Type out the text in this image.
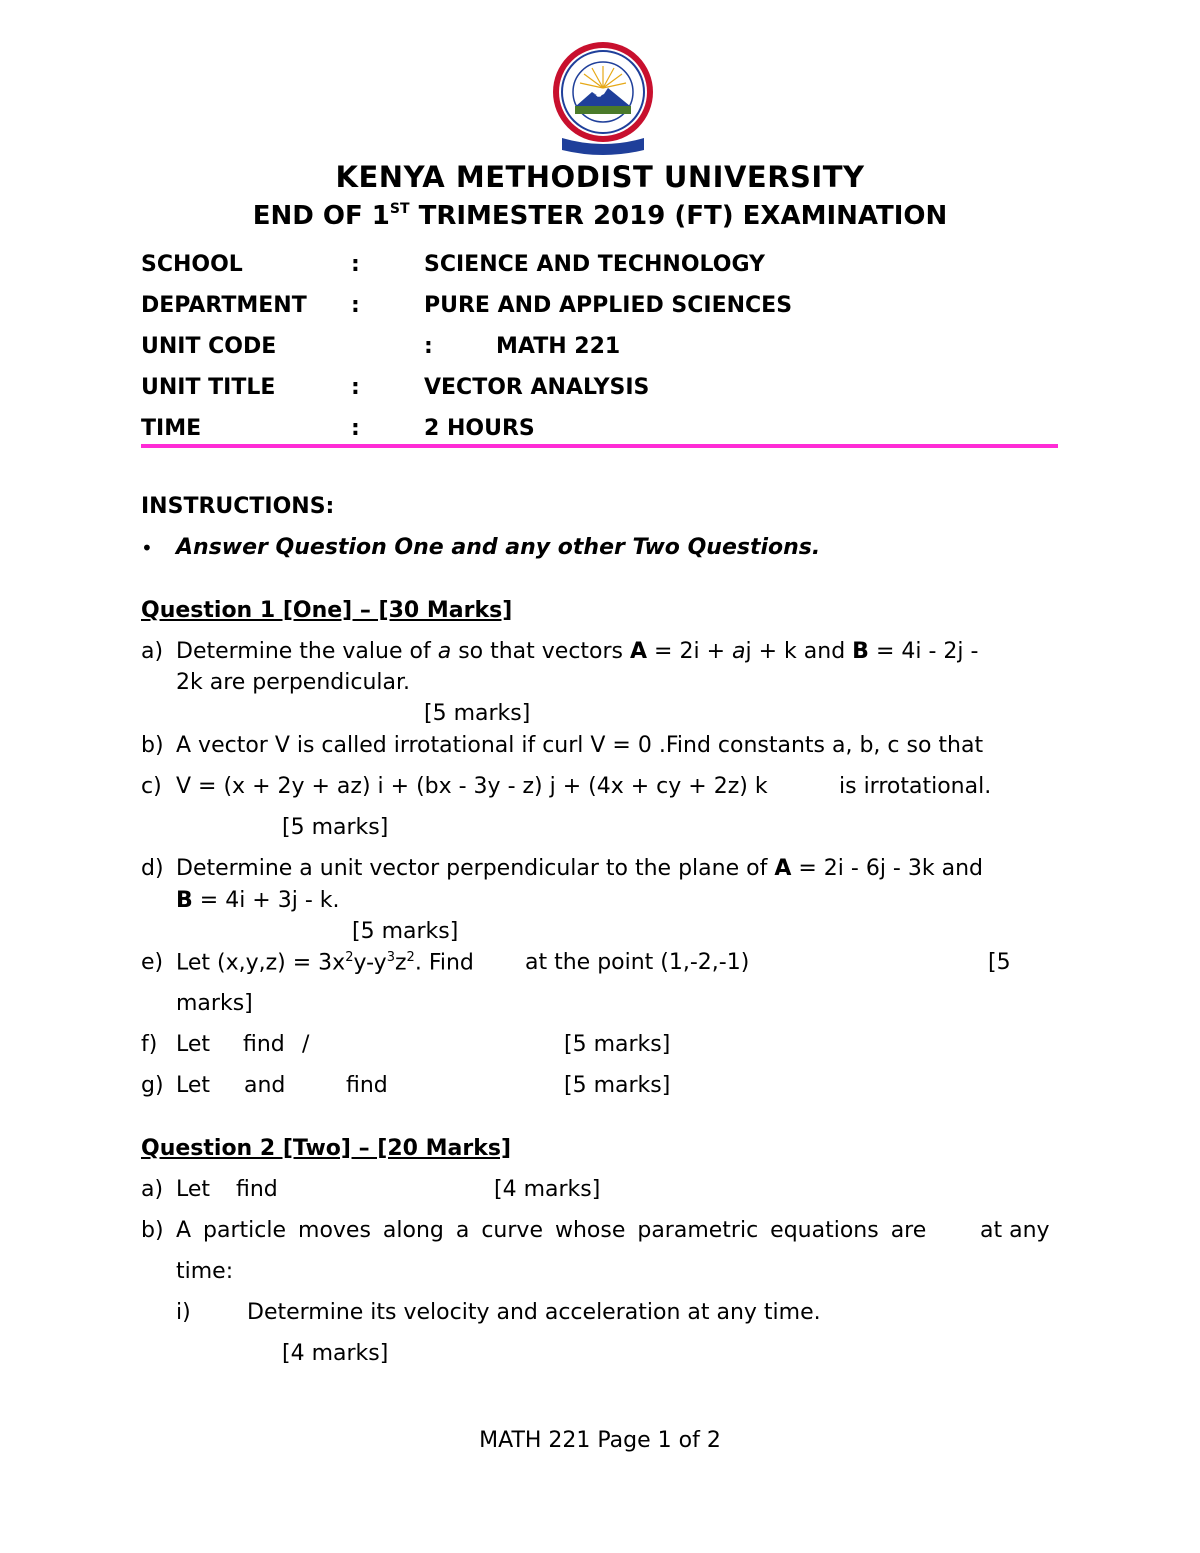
KENYA METHODIST UNIVERSITY
END OF 1ST TRIMESTER 2019 (FT) EXAMINATION
SCHOOL	:	SCIENCE AND TECHNOLOGY
DEPARTMENT :	PURE AND APPLIED SCIENCES
UNIT CODE	:	MATH 221
UNIT TITLE	:	VECTOR ANALYSIS
TIME	:	2 HOURS
INSTRUCTIONS:
• Answer Question One and any other Two Questions.
Question 1 [One] – [30 Marks]
a) Determine the value of a so that vectors A = 2i + aj + k and B = 4i - 2j -
2k are perpendicular.
[5 marks]
b) A vector V is called irrotational if curl V = 0 .Find constants a, b, c so that
c) V = (x + 2y + az) i + (bx - 3y - z) j + (4x + cy + 2z) k	is irrotational.
[5 marks]
d) Determine a unit vector perpendicular to the plane of A = 2i - 6j - 3k and
B = 4i + 3j - k.
[5 marks]
e) Let $(x,y,z) = 3x^2y-y^3z^2$. Find at the point (1,-2,-1)	[5
marks]
f) Let find /	[5 marks]
g) Let and	find	[5 marks]
Question 2 [Two] – [20 Marks]
a) Let find	[4 marks]
b) A particle moves along a curve whose parametric equations are at any
time:
i)	Determine its velocity and acceleration at any time.
[4 marks]
MATH 221 Page 1 of 2
